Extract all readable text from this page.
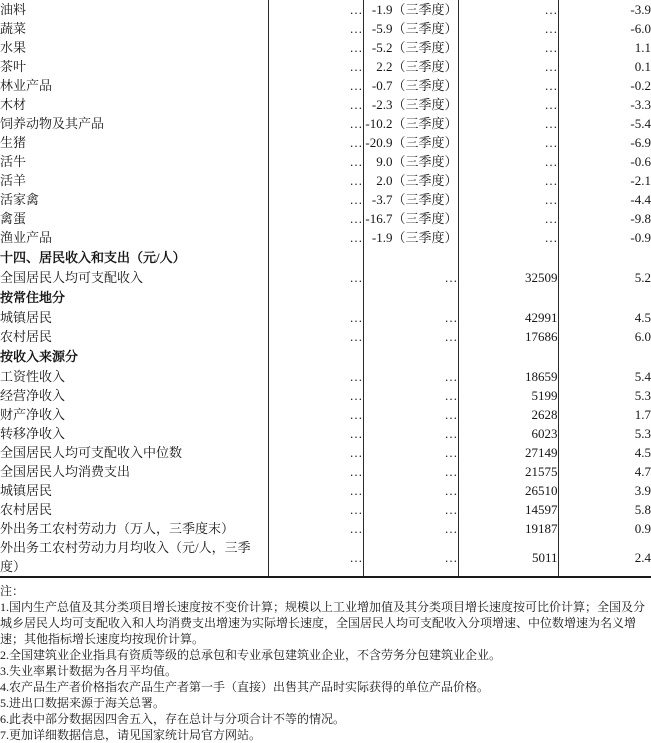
油料	…	-1.9（三季度）	…	-3.9
蔬菜	…	-5.9（三季度）	…	-6.0
水果	…	-5.2（三季度）	…	1.1
茶叶	…	2.2（三季度）	…	0.1
林业产品	…	-0.7（三季度）	…	-0.2
木材	…	-2.3（三季度）	…	-3.3
饲养动物及其产品	…	-10.2（三季度）	…	-5.4
生猪	…	-20.9（三季度）	…	-6.9
活牛	…	9.0（三季度）	…	-0.6
活羊	…	2.0（三季度）	…	-2.1
活家禽	…	-3.7（三季度）	…	-4.4
禽蛋	…	-16.7（三季度）	…	-9.8
渔业产品	…	-1.9（三季度）	…	-0.9
十四、居民收入和支出（元/人）				
全国居民人均可支配收入	…	…	32509	5.2
按常住地分				
城镇居民	…	…	42991	4.5
农村居民	…	…	17686	6.0
按收入来源分				
工资性收入	…	…	18659	5.4
经营净收入	…	…	5199	5.3
财产净收入	…	…	2628	1.7
转移净收入	…	…	6023	5.3
全国居民人均可支配收入中位数	…	…	27149	4.5
全国居民人均消费支出	…	…	21575	4.7
城镇居民	…	…	26510	3.9
农村居民	…	…	14597	5.8
外出务工农村劳动力（万人，三季度末）	…	…	19187	0.9
外出务工农村劳动力月均收入（元/人，三季度）	…	…	5011	2.4
注：
1.国内生产总值及其分类项目增长速度按不变价计算；规模以上工业增加值及其分类项目增长速度按可比价计算；全国及分城乡居民人均可支配收入和人均消费支出增速为实际增长速度，全国居民人均可支配收入分项增速、中位数增速为名义增速；其他指标增长速度均按现价计算。
2.全国建筑业企业指具有资质等级的总承包和专业承包建筑业企业，不含劳务分包建筑业企业。
3.失业率累计数据为各月平均值。
4.农产品生产者价格指农产品生产者第一手（直接）出售其产品时实际获得的单位产品价格。
5.进出口数据来源于海关总署。
6.此表中部分数据因四舍五入，存在总计与分项合计不等的情况。
7.更加详细数据信息，请见国家统计局官方网站。
